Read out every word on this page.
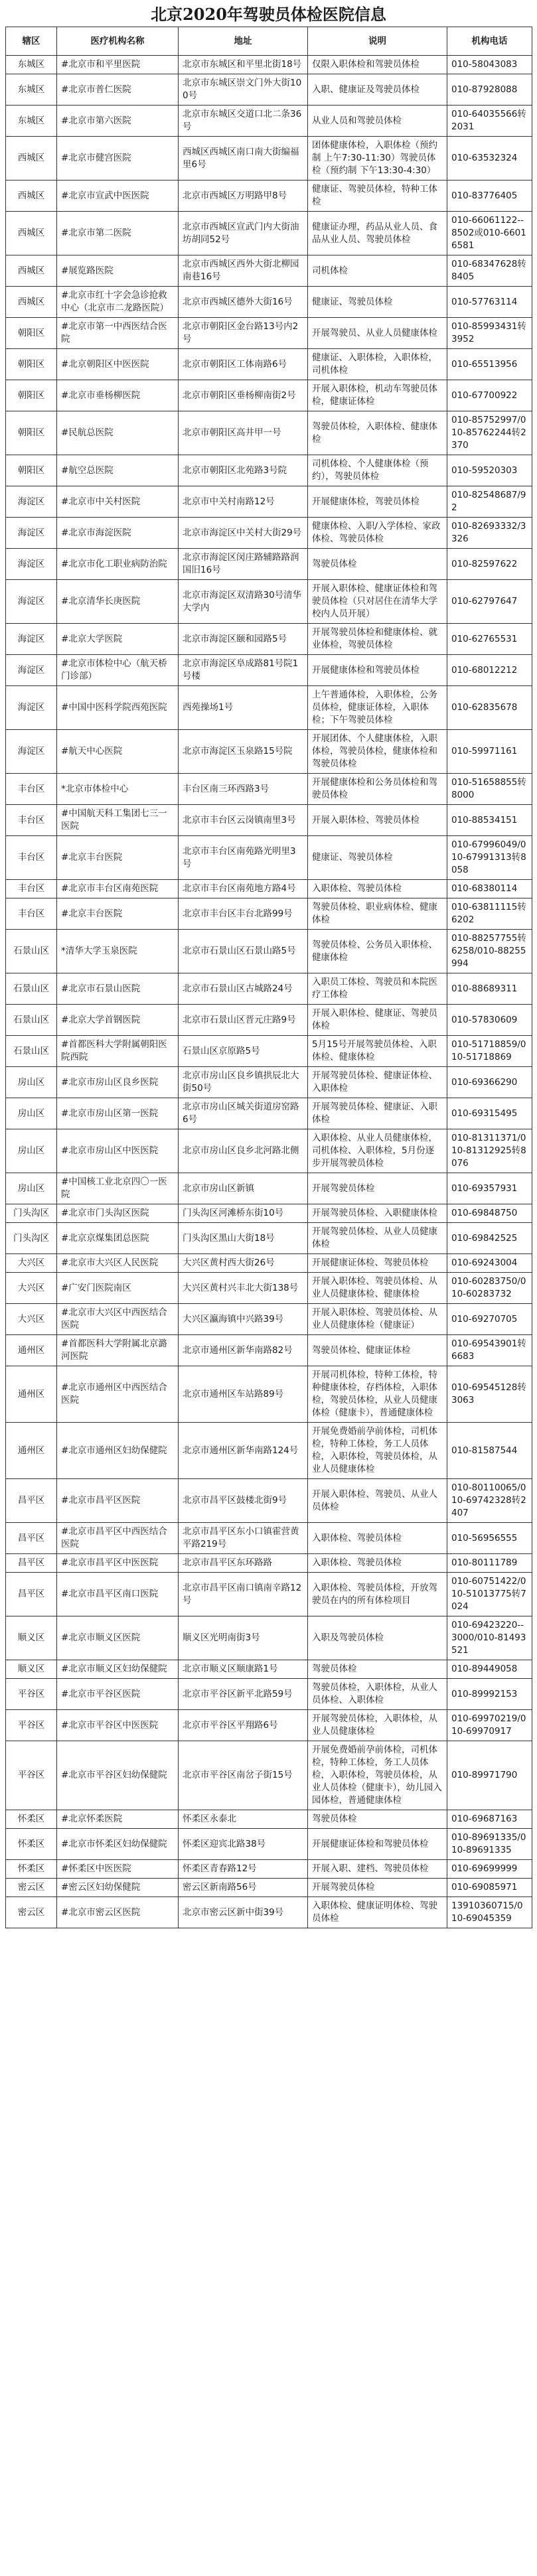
北京2020年驾驶员体检医院信息
辖区	医疗机构名称	地址	说明	机构电话
东城区	#北京市和平里医院	北京市东城区和平里北街18号	仅限入职体检和驾驶员体检	010-58043083
东城区	#北京市普仁医院	北京市东城区崇文门外大街100号	入职、健康证及驾驶员体检	010-87928088
东城区	#北京市第六医院	北京市东城区交道口北二条36号	从业人员和驾驶员体检	010-64035566转2031
西城区	#北京市健宫医院	西城区西城区南口南大街编福里6号	团体健康体检，入职体检（预约制 上午7:30-11:30）驾驶员体检（预约制 下午13:30-4:30）	010-63532324
西城区	#北京市宣武中医医院	北京市西城区万明路甲8号	健康证、驾驶员体检，特种工体检	010-83776405
西城区	#北京市第二医院	北京市西城区宣武门内大街油坊胡同52号	健康证办理，药品从业人员、食品从业人员、驾驶员体检	010-66061122--8502或010-66016581
西城区	#展览路医院	北京市西城区西外大街北柳园南巷16号	司机体检	010-68347628转8405
西城区	#北京市红十字会急诊抢救中心（北京市二龙路医院）	北京市西城区德外大街16号	健康证、驾驶员体检	010-57763114
朝阳区	#北京市第一中西医结合医院	北京市朝阳区金台路13号内2号	开展驾驶员、从业人员健康体检	010-85993431转3952
朝阳区	#北京朝阳区中医医院	北京市朝阳区工体南路6号	健康证、入职体检，入职体检，司机体检	010-65513956
朝阳区	#北京市垂杨柳医院	北京市朝阳区垂杨柳南街2号	开展入职体检，机动车驾驶员体检，健康证体检	010-67700922
朝阳区	#民航总医院	北京市朝阳区高井甲一号	驾驶员体检，入职体检、健康体检	010-85752997/010-85762244转2370
朝阳区	#航空总医院	北京市朝阳区北苑路3号院	司机体检、个人健康体检（预约），驾驶员体检	010-59520303
海淀区	#北京市中关村医院	北京市中关村南路12号	开展健康体检，驾驶员体检	010-82548687/92
海淀区	#北京市海淀医院	北京市海淀区中关村大街29号	健康体检、入职/入学体检、家政体检、驾驶员体检	010-82693332/3326
海淀区	#北京市化工职业病防治院	北京市海淀区闵庄路辅路路润国旧16号	驾驶员体检	010-82597622
海淀区	#北京清华长庚医院	北京市海淀区双清路30号清华大学内	开展入职体检、健康证体检和驾驶员体检（只对居住在清华大学校内人员开展）	010-62797647
海淀区	#北京大学医院	北京市海淀区颐和园路5号	开展驾驶员体检和健康体检、就业体检，驾驶员体检	010-62765531
海淀区	#北京市体检中心（航天桥门诊部）	北京市海淀区阜成路81号院1号楼	开展健康体检和驾驶员体检	010-68012212
海淀区	#中国中医科学院西苑医院	西苑操场1号	上午普通体检，入职体检，公务员体检，健康证体检，入职体检；下午驾驶员体检	010-62835678
海淀区	#航天中心医院	北京市海淀区玉泉路15号院	开展团体、个人健康体检，入职体检，驾驶员体检，健康体检和驾驶员体检	010-59971161
丰台区	*北京市体检中心	丰台区南三环西路3号	开展健康体检和公务员体检和驾驶员体检	010-51658855转8000
丰台区	#中国航天科工集团七三一医院	北京市丰台区云岗镇南里3号	开展入职体检、驾驶员体检	010-88534151
丰台区	#北京丰台医院	北京市丰台区南苑路光明里3号	健康证、驾驶员体检	010-67996049/010-67991313转8058
丰台区	#北京市丰台区南苑医院	北京市丰台区南苑地方路4号	入职体检、驾驶员体检	010-68380114
丰台区	#北京丰台医院	北京市丰台区丰台北路99号	驾驶员体检、职业病体检、健康体检	010-63811115转6202
石景山区	*清华大学玉泉医院	北京市石景山区石景山路5号	驾驶员体检、公务员入职体检、健康体检	010-88257755转6258/010-88255994
石景山区	#北京市石景山医院	北京市石景山区古城路24号	入职员工体检、驾驶员和本院医疗工体检	010-88689311
石景山区	#北京大学首钢医院	北京市石景山区晋元庄路9号	开展入职体检、健康证、驾驶员体检	010-57830609
石景山区	#首都医科大学附属朝阳医院西院	石景山区京原路5号	5月15号开展驾驶员体检、入职体检、健康体检	010-51718859/010-51718869
房山区	#北京市房山区良乡医院	北京市房山区良乡镇拱辰北大街50号	开展驾驶员体检、健康证体检、入职体检	010-69366290
房山区	#北京市房山区第一医院	北京市房山区城关街道房窑路6号	开展驾驶员体检、健康证、入职体检	010-69315495
房山区	#北京市房山区中医医院	北京市房山区良乡北河路北侧	入职体检、从业人员健康体检，司机体检、入职体检，5月份逐步开展驾驶员体检	010-81311371/010-81312925转8076
房山区	#中国核工业北京四〇一医院	北京市房山区新镇	开展驾驶员体检	010-69357931
门头沟区	#北京市门头沟区医院	门头沟区河滩桥东街10号	开展驾驶员体检、入职健康体检	010-69848750
门头沟区	#北京京煤集团总医院	门头沟区黑山大街18号	开展驾驶员体检、从业人员健康体检	010-69842525
大兴区	#北京市大兴区人民医院	大兴区黄村西大街26号	开展健康证体检、驾驶员体检	010-69243004
大兴区	#广安门医院南区	大兴区黄村兴丰北大街138号	开展入职体检、驾驶员体检、从业人员健康体检、健康体检	010-60283750/010-60283732
大兴区	#北京市大兴区中西医结合医院	大兴区瀛海镇中兴路39号	开展入职体检、驾驶员体检、从业人员健康体检（健康证）	010-69270705
通州区	#首都医科大学附属北京潞河医院	北京市通州区新华南路82号	驾驶员体检、健康证体检	010-69543901转6683
通州区	#北京市通州区中西医结合医院	北京市通州区车站路89号	开展司机体检，特种工体检，特种健康体检，存档体检，入职体检，驾驶员体检，从业人员健康体检（健康卡），普通健康体检	010-69545128转3063
通州区	#北京市通州区妇幼保健院	北京市通州区新华南路124号	开展免费婚前孕前体检，司机体检，特种工体检，务工人员体检，入职体检，驾驶员体检，从业人员健康体检	010-81587544
昌平区	#北京市昌平区医院	北京市昌平区鼓楼北街9号	开展入职体检、驾驶员、从业人员体检	010-80110065/010-69742328转2407
昌平区	#北京市昌平区中西医结合医院	北京市昌平区东小口镇霍营黄平路219号	入职体检、驾驶员体检	010-56956555
昌平区	#北京市昌平区中医医院	北京市昌平区东环路路	入职体检、驾驶员体检	010-80111789
昌平区	#北京市昌平区南口医院	北京市昌平区南口镇南辛路12号	入职体检、驾驶员体检，开放驾驶员在内的所有体检项目	010-60751422/010-51013775转7024
顺义区	#北京市顺义区医院	顺义区光明南街3号	入职及驾驶员体检	010-69423220--3000/010-81493521
顺义区	#北京市顺义区妇幼保健院	北京市顺义区顺康路1号	驾驶员体检	010-89449058
平谷区	#北京市平谷区医院	北京市平谷区新平北路59号	驾驶员体检，入职体检，从业人员体检、入职体检	010-89992153
平谷区	#北京市平谷区中医医院	北京市平谷区平翔路6号	开展驾驶员体检，入职体检，从业人员健康体检	010-69970219/010-69970917
平谷区	#北京市平谷区妇幼保健院	北京市平谷区南岔子街15号	开展免费婚前孕前体检，司机体检，特种工体检，务工人员体检，入职体检，驾驶员体检，从业人员体检（健康卡），幼儿园入园体检，普通健康体检	010-89971790
怀柔区	#北京怀柔医院	怀柔区永泰北	驾驶员体检	010-69687163
怀柔区	#北京市怀柔区妇幼保健院	怀柔区迎宾北路38号	开展健康证体检和驾驶员体检	010-89691335/010-89691335
怀柔区	#怀柔区中医医院	怀柔区青春路12号	开展入职、建档、驾驶员体检	010-69699999
密云区	#密云区妇幼保健院	密云区新南路56号	开展驾驶员体检	010-69085971
密云区	#北京市密云区医院	北京市密云区新中街39号	入职体检、健康证明体检、驾驶员体检	13910360715/010-69045359
